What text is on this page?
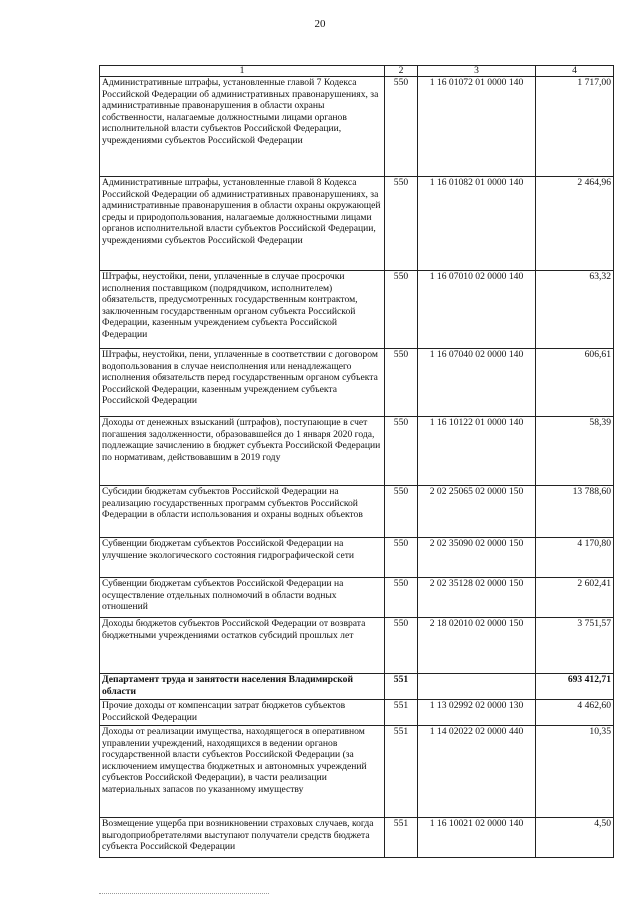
20
1	2	3	4
Административные штрафы, установленные главой 7 Кодекса Российской Федерации об административных правонарушениях, за административные правонарушения в области охраны собственности, налагаемые должностными лицами органов исполнительной власти субъектов Российской Федерации, учреждениями субъектов Российской Федерации	550	1 16 01072 01 0000 140	1 717,00
Административные штрафы, установленные главой 8 Кодекса Российской Федерации об административных правонарушениях, за административные правонарушения в области охраны окружающей среды и природопользования, налагаемые должностными лицами органов исполнительной власти субъектов Российской Федерации, учреждениями субъектов Российской Федерации	550	1 16 01082 01 0000 140	2 464,96
Штрафы, неустойки, пени, уплаченные в случае просрочки исполнения поставщиком (подрядчиком, исполнителем) обязательств, предусмотренных государственным контрактом, заключенным государственным органом субъекта Российской Федерации, казенным учреждением субъекта Российской Федерации	550	1 16 07010 02 0000 140	63,32
Штрафы, неустойки, пени, уплаченные в соответствии с договором водопользования в случае неисполнения или ненадлежащего исполнения обязательств перед государственным органом субъекта Российской Федерации, казенным учреждением субъекта Российской Федерации	550	1 16 07040 02 0000 140	606,61
Доходы от денежных взысканий (штрафов), поступающие в счет погашения задолженности, образовавшейся до 1 января 2020 года, подлежащие зачислению в бюджет субъекта Российской Федерации по нормативам, действовавшим в 2019 году	550	1 16 10122 01 0000 140	58,39
Субсидии бюджетам субъектов Российской Федерации на реализацию государственных программ субъектов Российской Федерации в области использования и охраны водных объектов	550	2 02 25065 02 0000 150	13 788,60
Субвенции бюджетам субъектов Российской Федерации на улучшение экологического состояния гидрографической сети	550	2 02 35090 02 0000 150	4 170,80
Субвенции бюджетам субъектов Российской Федерации на осуществление отдельных полномочий в области водных отношений	550	2 02 35128 02 0000 150	2 602,41
Доходы бюджетов субъектов Российской Федерации от возврата бюджетными учреждениями остатков субсидий прошлых лет	550	2 18 02010 02 0000 150	3 751,57
Департамент труда и занятости населения Владимирской области	551		693 412,71
Прочие доходы от компенсации затрат бюджетов субъектов Российской Федерации	551	1 13 02992 02 0000 130	4 462,60
Доходы от реализации имущества, находящегося в оперативном управлении учреждений, находящихся в ведении органов государственной власти субъектов Российской Федерации (за исключением имущества бюджетных и автономных учреждений субъектов Российской Федерации), в части реализации материальных запасов по указанному имуществу	551	1 14 02022 02 0000 440	10,35
Возмещение ущерба при возникновении страховых случаев, когда выгодоприобретателями выступают получатели средств бюджета субъекта Российской Федерации	551	1 16 10021 02 0000 140	4,50
